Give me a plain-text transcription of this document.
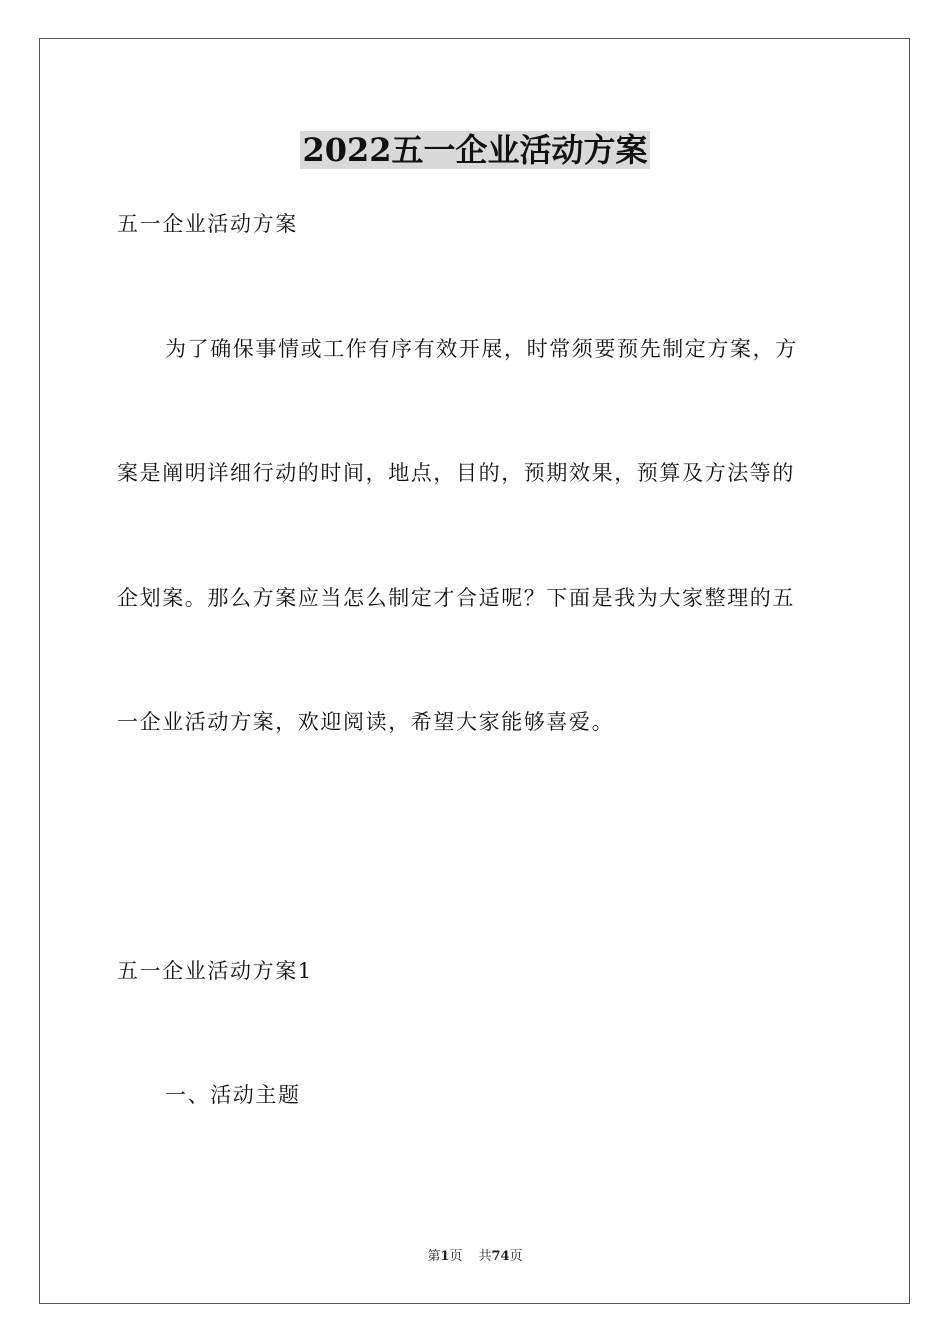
2022五一企业活动方案
五一企业活动方案
为了确保事情或工作有序有效开展，时常须要预先制定方案，方
案是阐明详细行动的时间，地点，目的，预期效果，预算及方法等的
企划案。那么方案应当怎么制定才合适呢？下面是我为大家整理的五
一企业活动方案，欢迎阅读，希望大家能够喜爱。
五一企业活动方案1
一、活动主题
第1页 共74页
